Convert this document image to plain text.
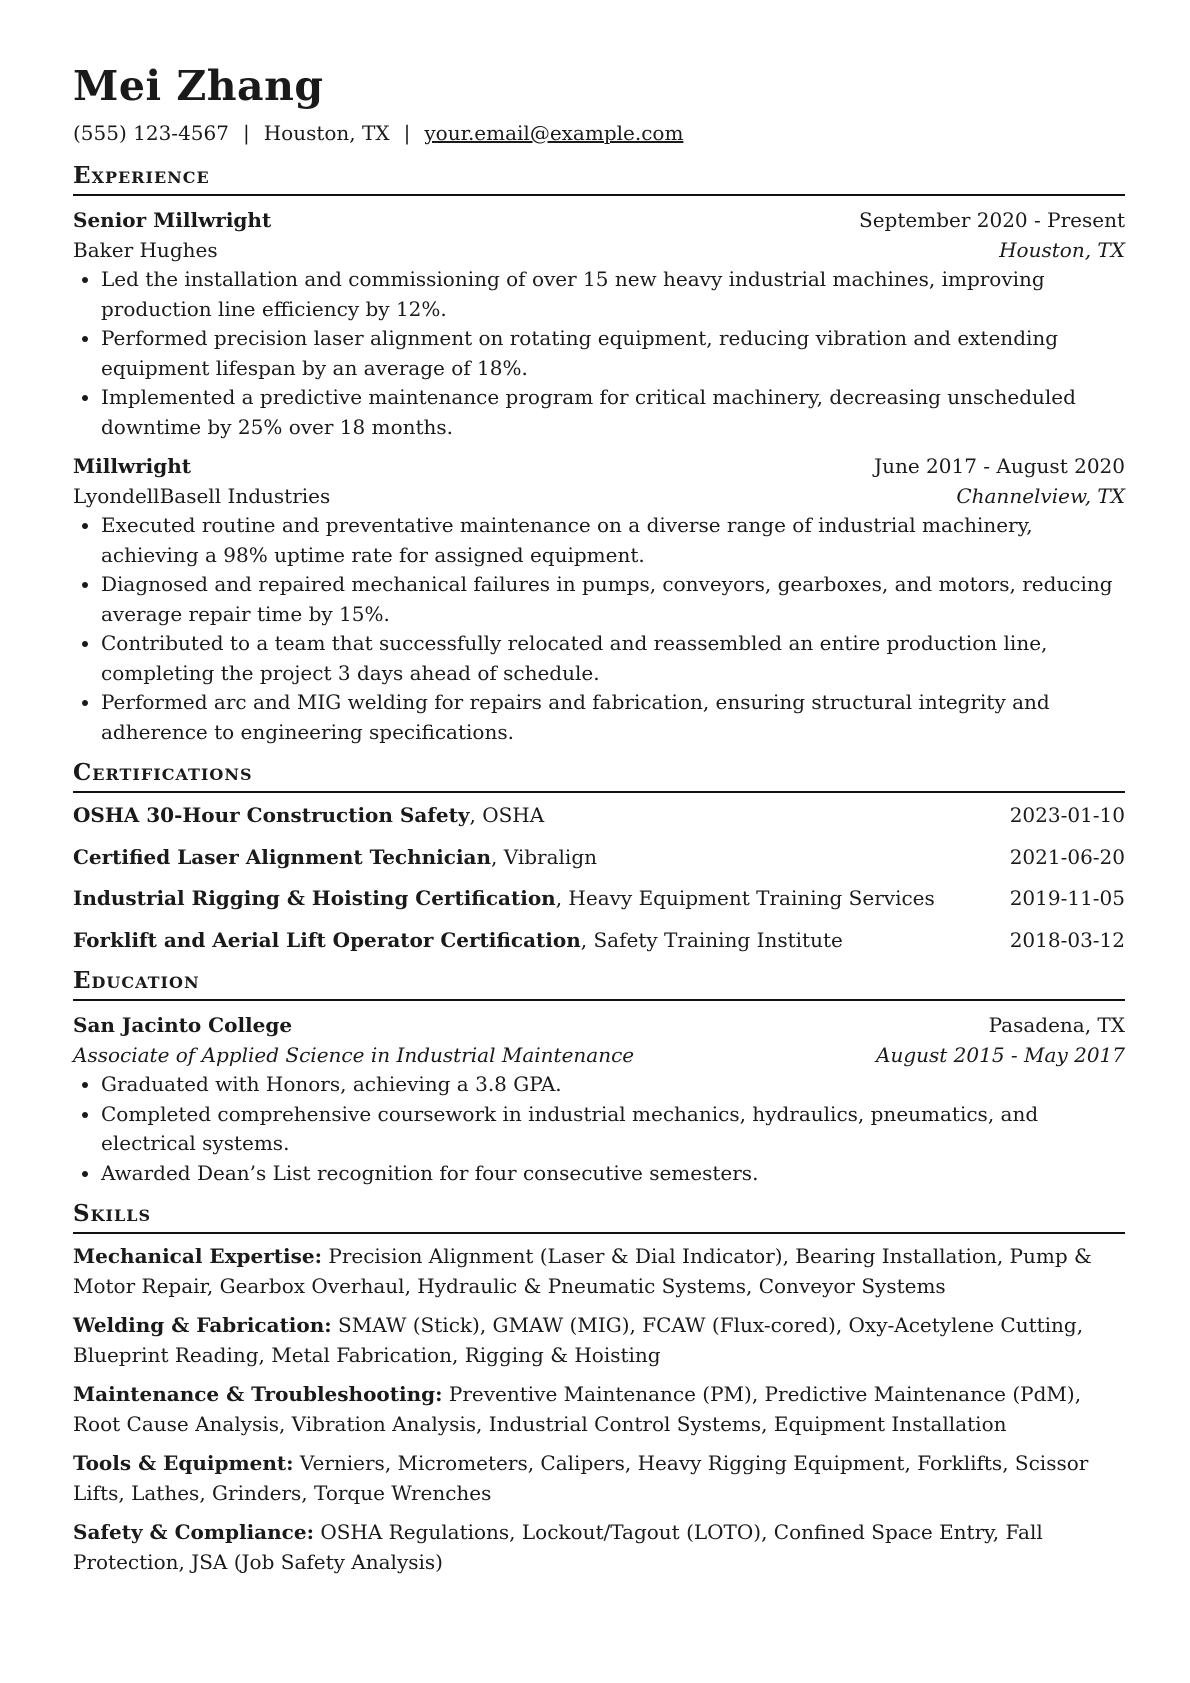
Mei Zhang
(555) 123-4567 | Houston, TX | your.email@example.com
Experience
Senior Millwright	September 2020 - Present
Baker Hughes	Houston, TX
• Led the installation and commissioning of over 15 new heavy industrial machines, improving production line efficiency by 12%.
• Performed precision laser alignment on rotating equipment, reducing vibration and extending equipment lifespan by an average of 18%.
• Implemented a predictive maintenance program for critical machinery, decreasing unscheduled downtime by 25% over 18 months.
Millwright	June 2017 - August 2020
LyondellBasell Industries	Channelview, TX
• Executed routine and preventative maintenance on a diverse range of industrial machinery, achieving a 98% uptime rate for assigned equipment.
• Diagnosed and repaired mechanical failures in pumps, conveyors, gearboxes, and motors, reducing average repair time by 15%.
• Contributed to a team that successfully relocated and reassembled an entire production line, completing the project 3 days ahead of schedule.
• Performed arc and MIG welding for repairs and fabrication, ensuring structural integrity and adherence to engineering specifications.
Certifications
OSHA 30-Hour Construction Safety, OSHA	2023-01-10
Certified Laser Alignment Technician, Vibralign	2021-06-20
Industrial Rigging & Hoisting Certification, Heavy Equipment Training Services	2019-11-05
Forklift and Aerial Lift Operator Certification, Safety Training Institute	2018-03-12
Education
San Jacinto College	Pasadena, TX
Associate of Applied Science in Industrial Maintenance	August 2015 - May 2017
• Graduated with Honors, achieving a 3.8 GPA.
• Completed comprehensive coursework in industrial mechanics, hydraulics, pneumatics, and electrical systems.
• Awarded Dean’s List recognition for four consecutive semesters.
Skills
Mechanical Expertise: Precision Alignment (Laser & Dial Indicator), Bearing Installation, Pump & Motor Repair, Gearbox Overhaul, Hydraulic & Pneumatic Systems, Conveyor Systems
Welding & Fabrication: SMAW (Stick), GMAW (MIG), FCAW (Flux-cored), Oxy-Acetylene Cutting, Blueprint Reading, Metal Fabrication, Rigging & Hoisting
Maintenance & Troubleshooting: Preventive Maintenance (PM), Predictive Maintenance (PdM), Root Cause Analysis, Vibration Analysis, Industrial Control Systems, Equipment Installation
Tools & Equipment: Verniers, Micrometers, Calipers, Heavy Rigging Equipment, Forklifts, Scissor Lifts, Lathes, Grinders, Torque Wrenches
Safety & Compliance: OSHA Regulations, Lockout/Tagout (LOTO), Confined Space Entry, Fall Protection, JSA (Job Safety Analysis)
